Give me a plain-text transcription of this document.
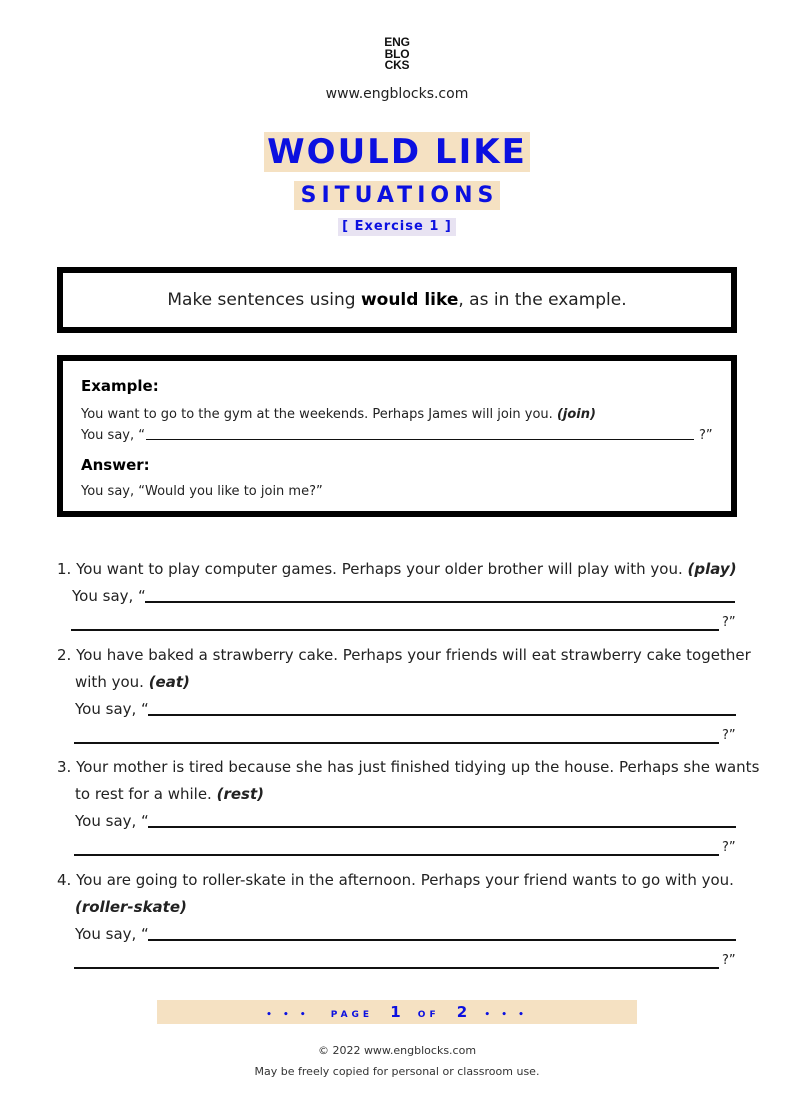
ENG
BLO
CKS
www.engblocks.com
WOULD LIKE
SITUATIONS
[ Exercise 1 ]
Make sentences using would like, as in the example.
Example:
You want to go to the gym at the weekends. Perhaps James will join you. (join)
You say, “	?”
Answer:
You say, “Would you like to join me?”
1. You want to play computer games. Perhaps your older brother will play with you. (play)
You say, “
?”
2. You have baked a strawberry cake. Perhaps your friends will eat strawberry cake together
with you. (eat)
You say, “
?”
3. Your mother is tired because she has just finished tidying up the house. Perhaps she wants
to rest for a while. (rest)
You say, “
?”
4. You are going to roller-skate in the afternoon. Perhaps your friend wants to go with you.
(roller-skate)
You say, “
?”
• • • PAGE 1 OF 2 • • •
© 2022 www.engblocks.com
May be freely copied for personal or classroom use.
